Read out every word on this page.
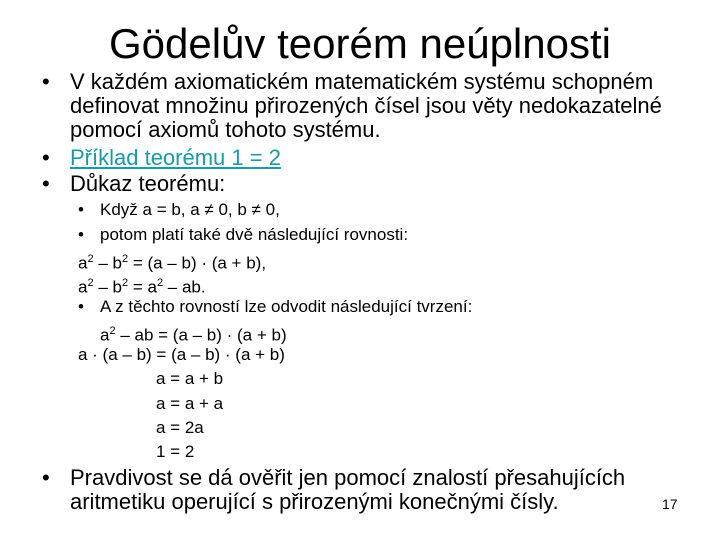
Gödelův teorém neúplnosti
• V každém axiomatickém matematickém systému schopném definovat množinu přirozených čísel jsou věty nedokazatelné pomocí axiomů tohoto systému.
• Příklad teorému 1 = 2
• Důkaz teorému:
• Když a = b, a ≠ 0, b ≠ 0,
• potom platí také dvě následující rovnosti:
$a^2 - b^2 = (a - b) \cdot (a + b)$,
$a^2 - b^2 = a^2$ – ab.
• A z těchto rovností lze odvodit následující tvrzení:
$a^2$ – ab = (a – b) · (a + b)
a · (a – b) = (a – b) · (a + b)
a = a + b
a = a + a
a = 2a
1 = 2
• Pravdivost se dá ověřit jen pomocí znalostí přesahujících aritmetiku operující s přirozenými konečnými čísly.	17
